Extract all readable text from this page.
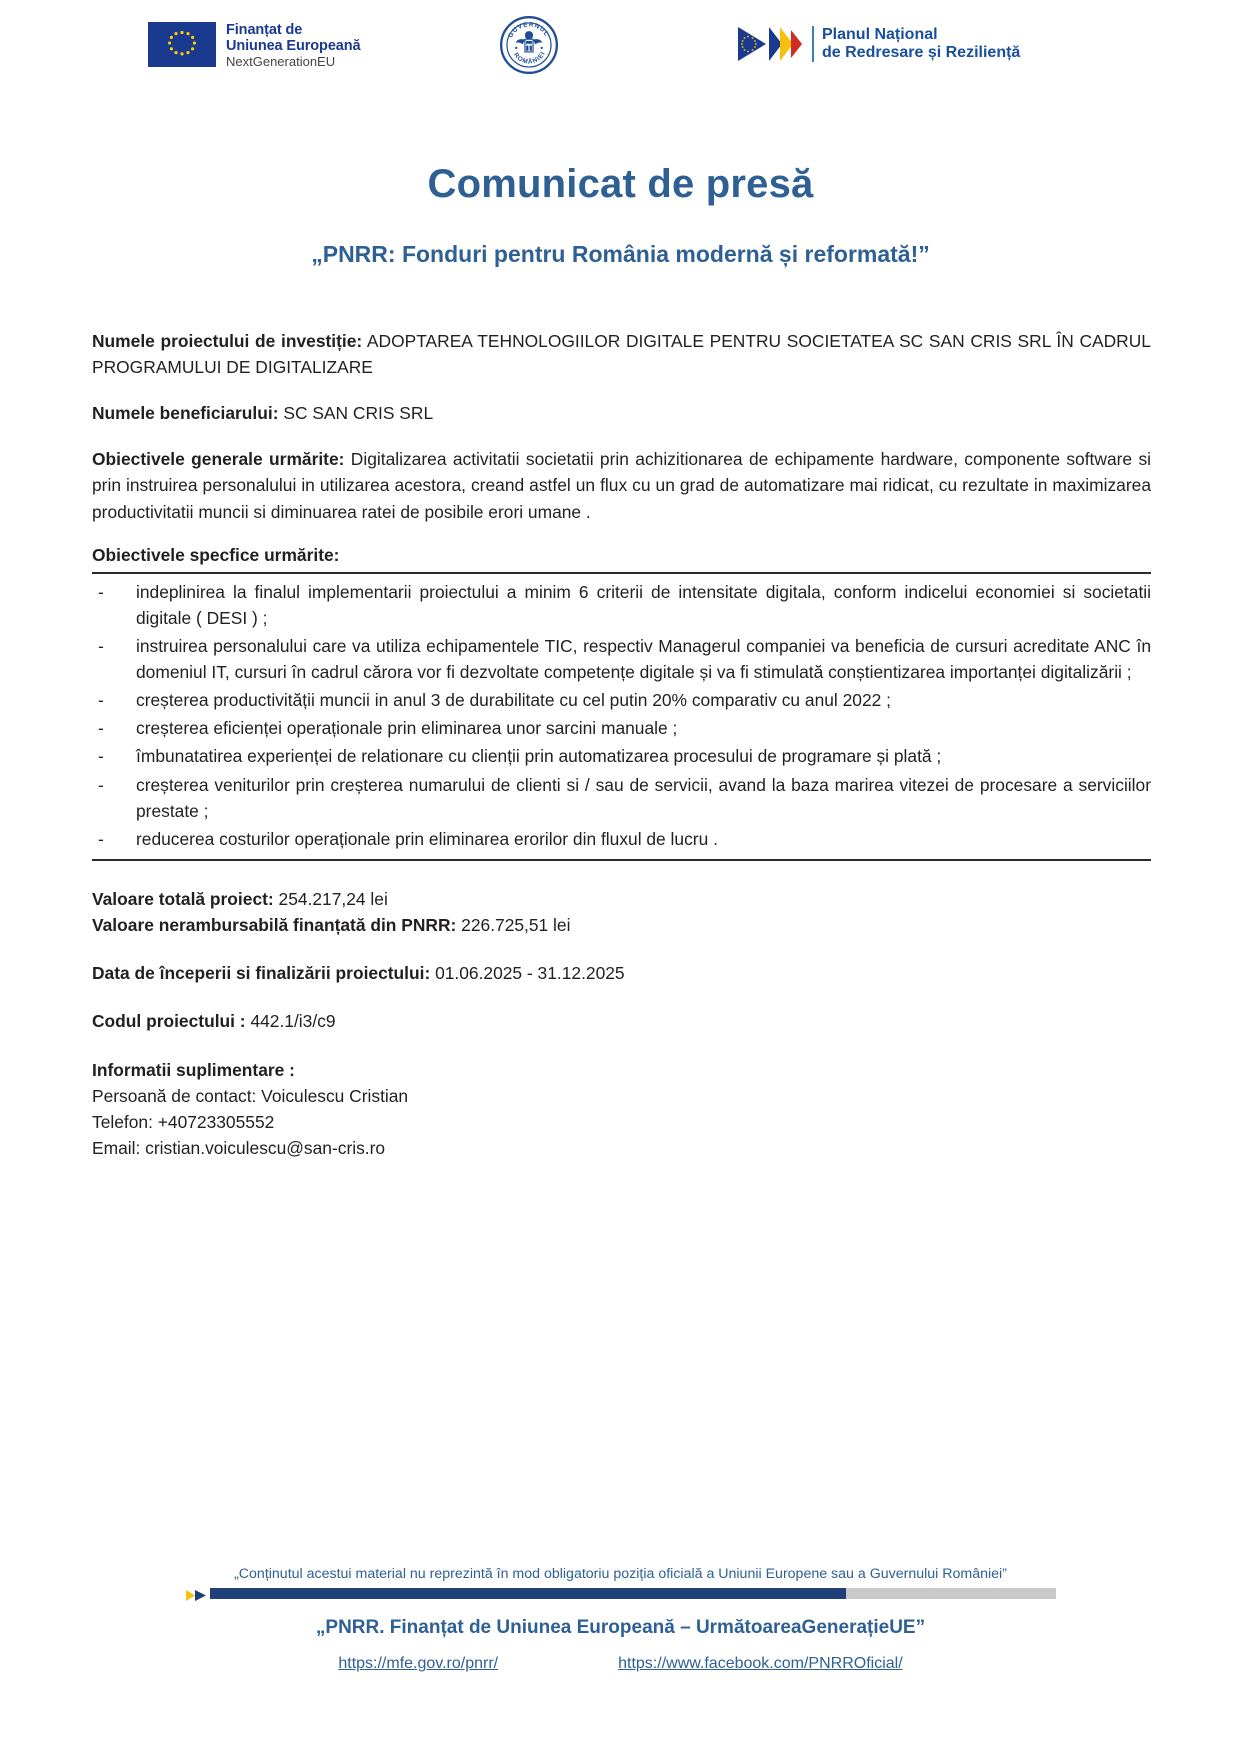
Finanțat de
Uniunea Europeană
NextGenerationEU
GUVERNUL
ROMÂNIEI
Planul Național
de Redresare și Reziliență
Comunicat de presă
„PNRR: Fonduri pentru România modernă și reformată!”

Numele proiectului de investiție: ADOPTAREA TEHNOLOGIILOR DIGITALE PENTRU SOCIETATEA SC SAN CRIS SRL ÎN CADRUL PROGRAMULUI DE DIGITALIZARE

Numele beneficiarului: SC SAN CRIS SRL

Obiectivele generale urmărite: Digitalizarea activitatii societatii prin achizitionarea de echipamente hardware, componente software si prin instruirea personalului in utilizarea acestora, creand astfel un flux cu un grad de automatizare mai ridicat, cu rezultate in maximizarea productivitatii muncii si diminuarea ratei de posibile erori umane .

Obiectivele specfice urmărite:

-	indeplinirea la finalul implementarii proiectului a minim 6 criterii de intensitate digitala, conform indicelui economiei si societatii digitale ( DESI ) ;
-	instruirea personalului care va utiliza echipamentele TIC, respectiv Managerul companiei va beneficia de cursuri acreditate ANC în domeniul IT, cursuri în cadrul cărora vor fi dezvoltate competențe digitale și va fi stimulată conștientizarea importanței digitalizării ;
-	creșterea productivității muncii in anul 3 de durabilitate cu cel putin 20% comparativ cu anul 2022 ;
-	creșterea eficienței operaționale prin eliminarea unor sarcini manuale ;
-	îmbunatatirea experienței de relationare cu clienții prin automatizarea procesului de programare și plată ;
-	creșterea veniturilor prin creșterea numarului de clienti si / sau de servicii, avand la baza marirea vitezei de procesare a serviciilor prestate ;
-	reducerea costurilor operaționale prin eliminarea erorilor din fluxul de lucru .

Valoare totală proiect: 254.217,24 lei

Valoare nerambursabilă finanțată din PNRR: 226.725,51 lei

Data de începerii si finalizării proiectului: 01.06.2025 - 31.12.2025

Codul proiectului : 442.1/i3/c9

Informatii suplimentare :

Persoană de contact: Voiculescu Cristian

Telefon: +40723305552

Email: cristian.voiculescu@san-cris.ro

„Conținutul acestui material nu reprezintă în mod obligatoriu poziția oficială a Uniunii Europene sau a Guvernului României”

„PNRR. Finanțat de Uniunea Europeană – UrmătoareaGenerațieUE”

https://mfe.gov.ro/pnrr/	https://www.facebook.com/PNRROficial/
